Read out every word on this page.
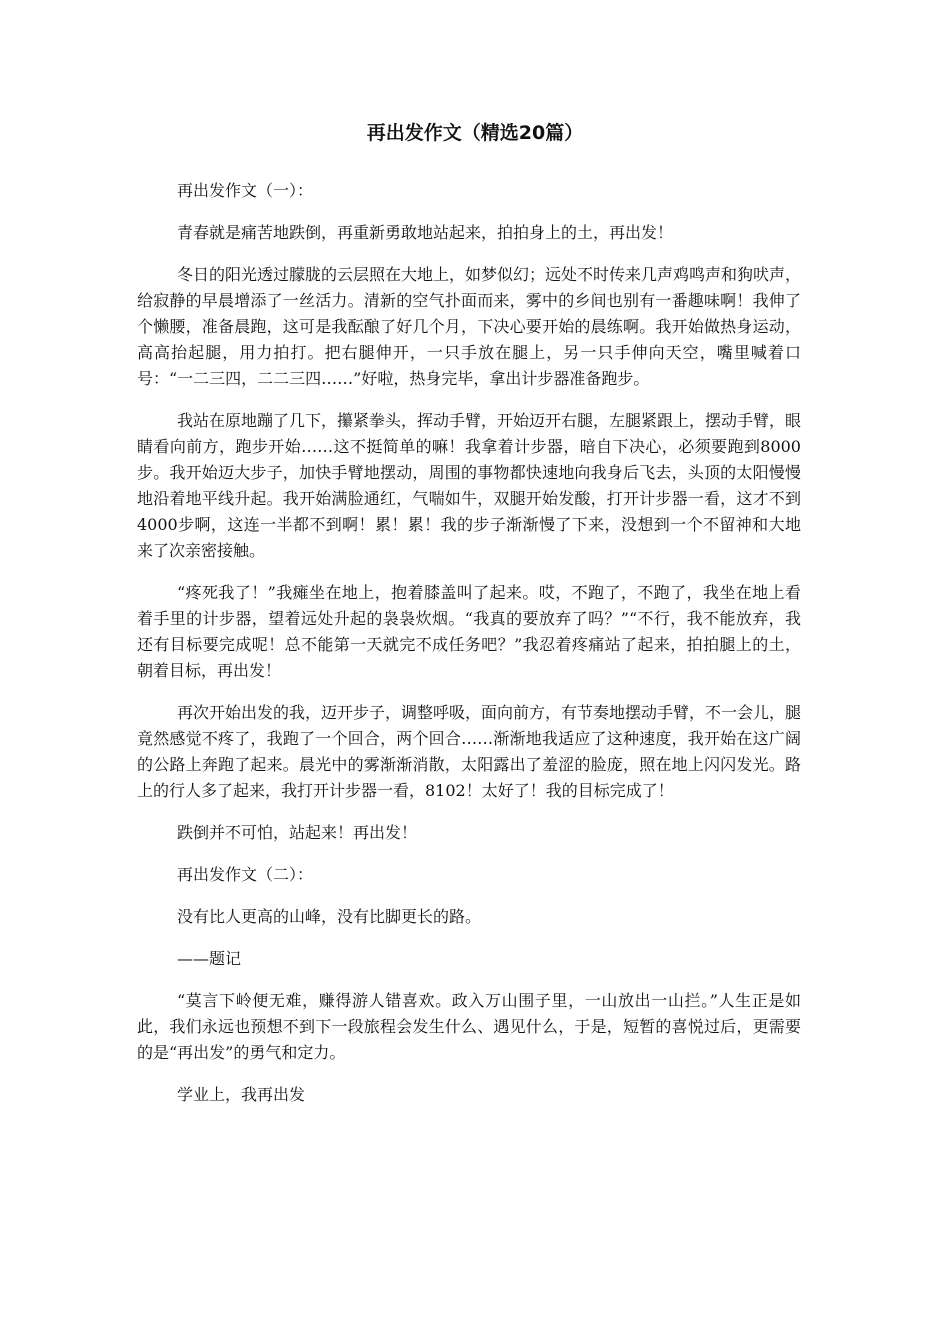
再出发作文（精选20篇）

再出发作文（一）：

青春就是痛苦地跌倒，再重新勇敢地站起来，拍拍身上的土，再出发！

冬日的阳光透过朦胧的云层照在大地上，如梦似幻；远处不时传来几声鸡鸣声和狗吠声，给寂静的早晨增添了一丝活力。清新的空气扑面而来，雾中的乡间也别有一番趣味啊！我伸了个懒腰，准备晨跑，这可是我酝酿了好几个月，下决心要开始的晨练啊。我开始做热身运动，高高抬起腿，用力拍打。把右腿伸开，一只手放在腿上，另一只手伸向天空，嘴里喊着口号：“一二三四，二二三四……”好啦，热身完毕，拿出计步器准备跑步。

我站在原地蹦了几下，攥紧拳头，挥动手臂，开始迈开右腿，左腿紧跟上，摆动手臂，眼睛看向前方，跑步开始……这不挺简单的嘛！我拿着计步器，暗自下决心，必须要跑到8000步。我开始迈大步子，加快手臂地摆动，周围的事物都快速地向我身后飞去，头顶的太阳慢慢地沿着地平线升起。我开始满脸通红，气喘如牛，双腿开始发酸，打开计步器一看，这才不到4000步啊，这连一半都不到啊！累！累！我的步子渐渐慢了下来，没想到一个不留神和大地来了次亲密接触。

“疼死我了！”我瘫坐在地上，抱着膝盖叫了起来。哎，不跑了，不跑了，我坐在地上看着手里的计步器，望着远处升起的袅袅炊烟。“我真的要放弃了吗？”“不行，我不能放弃，我还有目标要完成呢！总不能第一天就完不成任务吧？”我忍着疼痛站了起来，拍拍腿上的土，朝着目标，再出发！

再次开始出发的我，迈开步子，调整呼吸，面向前方，有节奏地摆动手臂，不一会儿，腿竟然感觉不疼了，我跑了一个回合，两个回合……渐渐地我适应了这种速度，我开始在这广阔的公路上奔跑了起来。晨光中的雾渐渐消散，太阳露出了羞涩的脸庞，照在地上闪闪发光。路上的行人多了起来，我打开计步器一看，8102！太好了！我的目标完成了！

跌倒并不可怕，站起来！再出发！

再出发作文（二）：

没有比人更高的山峰，没有比脚更长的路。

——题记

“莫言下岭便无难，赚得游人错喜欢。政入万山围子里，一山放出一山拦。”人生正是如此，我们永远也预想不到下一段旅程会发生什么、遇见什么，于是，短暂的喜悦过后，更需要的是“再出发”的勇气和定力。

学业上，我再出发
